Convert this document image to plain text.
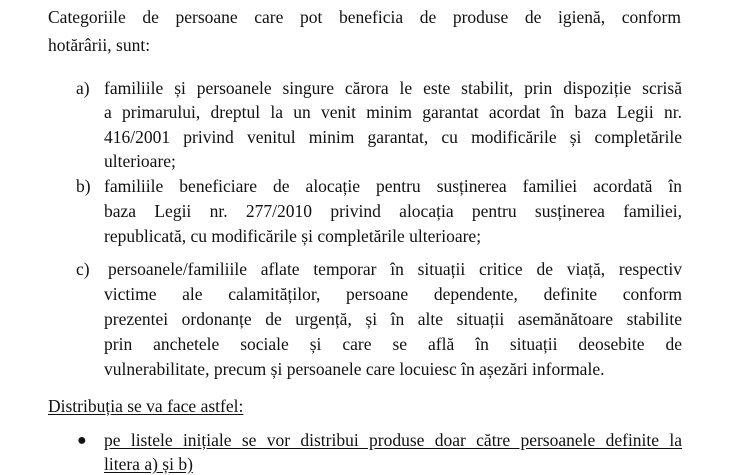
Categoriile de persoane care pot beneficia de produse de igienă, conform
hotărârii, sunt:
a) familiile și persoanele singure cărora le este stabilit, prin dispoziție scrisă
a primarului, dreptul la un venit minim garantat acordat în baza Legii nr.
416/2001 privind venitul minim garantat, cu modificările și completările
ulterioare;
b) familiile beneficiare de alocație pentru susținerea familiei acordată în
baza Legii nr. 277/2010 privind alocația pentru susținerea familiei,
republicată, cu modificările și completările ulterioare;
c) persoanele/familiile aflate temporar în situații critice de viață, respectiv
victime ale calamităților, persoane dependente, definite conform
prezentei ordonanțe de urgență, și în alte situații asemănătoare stabilite
prin anchetele sociale și care se află în situații deosebite de
vulnerabilitate, precum și persoanele care locuiesc în așezări informale.
Distribuția se va face astfel:
● pe listele inițiale se vor distribui produse doar către persoanele definite la
litera a) și b)
